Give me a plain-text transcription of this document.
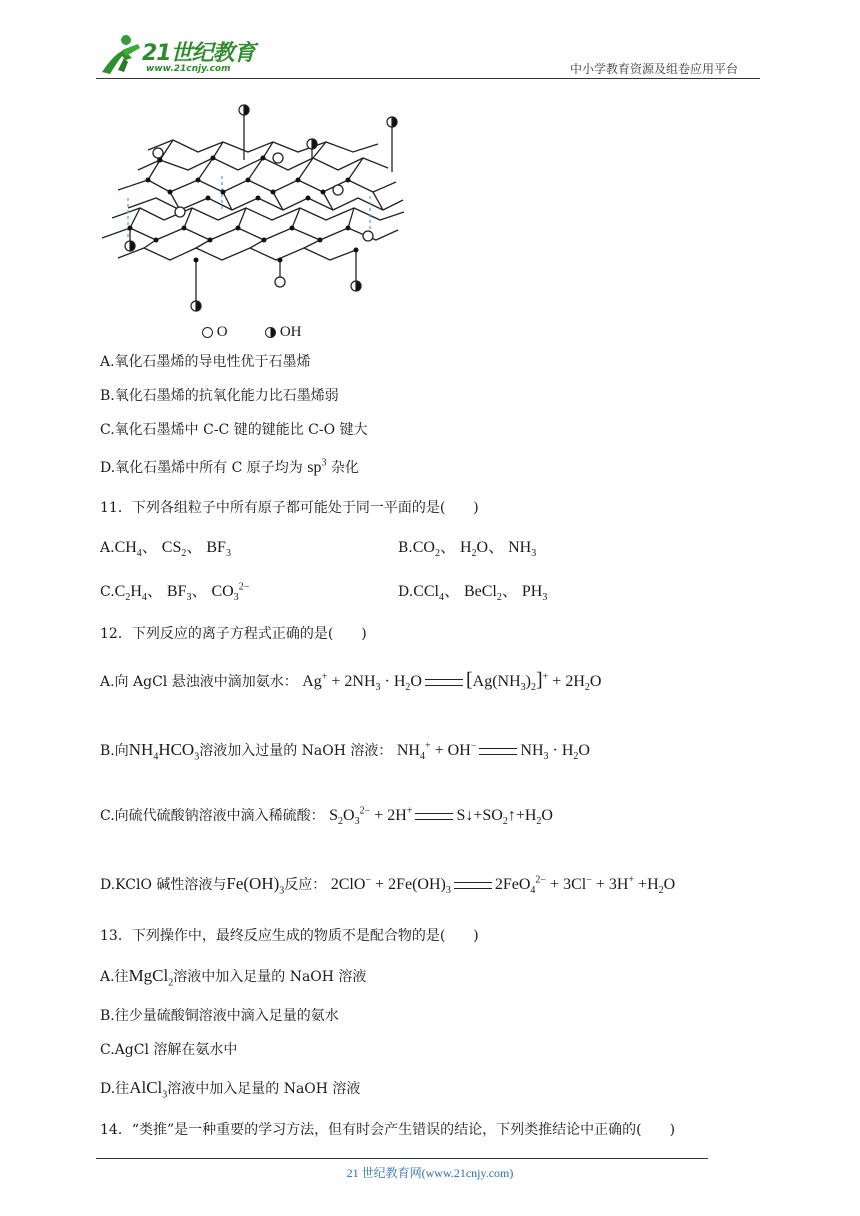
21世纪教育
www.21cnjy.com	中小学教育资源及组卷应用平台
O	OH
A.氧化石墨烯的导电性优于石墨烯
B.氧化石墨烯的抗氧化能力比石墨烯弱
C.氧化石墨烯中 C-C 键的键能比 C-O 键大
D.氧化石墨烯中所有 C 原子均为 $sp^3$ 杂化
11．下列各组粒子中所有原子都可能处于同一平面的是(　　)
$A.CH_4$、 $CS_2$、 $BF_3$	$B.CO_2$、 $H_2O$、 $NH_3$
$C.C_2H_4$、 $BF_3$、 $CO_3^{2-}$	D.CCl$_4$、 BeCl$_2$、 $PH_3$
12．下列反应的离子方程式正确的是(　　)
A.向 AgCl 悬浊液中滴加氨水： $Ag^+ + 2NH_3 \cdot H_2O$ $[Ag(NH_3)_2]^+ + 2H_2O$
B.向$NH_4HCO_3$溶液加入过量的 NaOH 溶液： $NH_4^+ + OH^-$	$NH_3 \cdot H_2O$
C.向硫代硫酸钠溶液中滴入稀硫酸： $S_2O_3^{2-} + 2H^+$	$S↓+SO_2↑+H_2O$
D.KClO 碱性溶液与$Fe(OH)_3$反应： $2ClO^- + 2Fe(OH)_3$	$2FeO_4^{2-} + 3Cl^- + 3H^+ +H_2O$
13．下列操作中，最终反应生成的物质不是配合物的是(　　)
A.往MgCl$_2$溶液中加入足量的 NaOH 溶液
B.往少量硫酸铜溶液中滴入足量的氨水
C.AgCl 溶解在氨水中
D.往AlCl$_3$溶液中加入足量的 NaOH 溶液
14．“类推”是一种重要的学习方法，但有时会产生错误的结论，下列类推结论中正确的(　　)
21 世纪教育网(www.21cnjy.com)
